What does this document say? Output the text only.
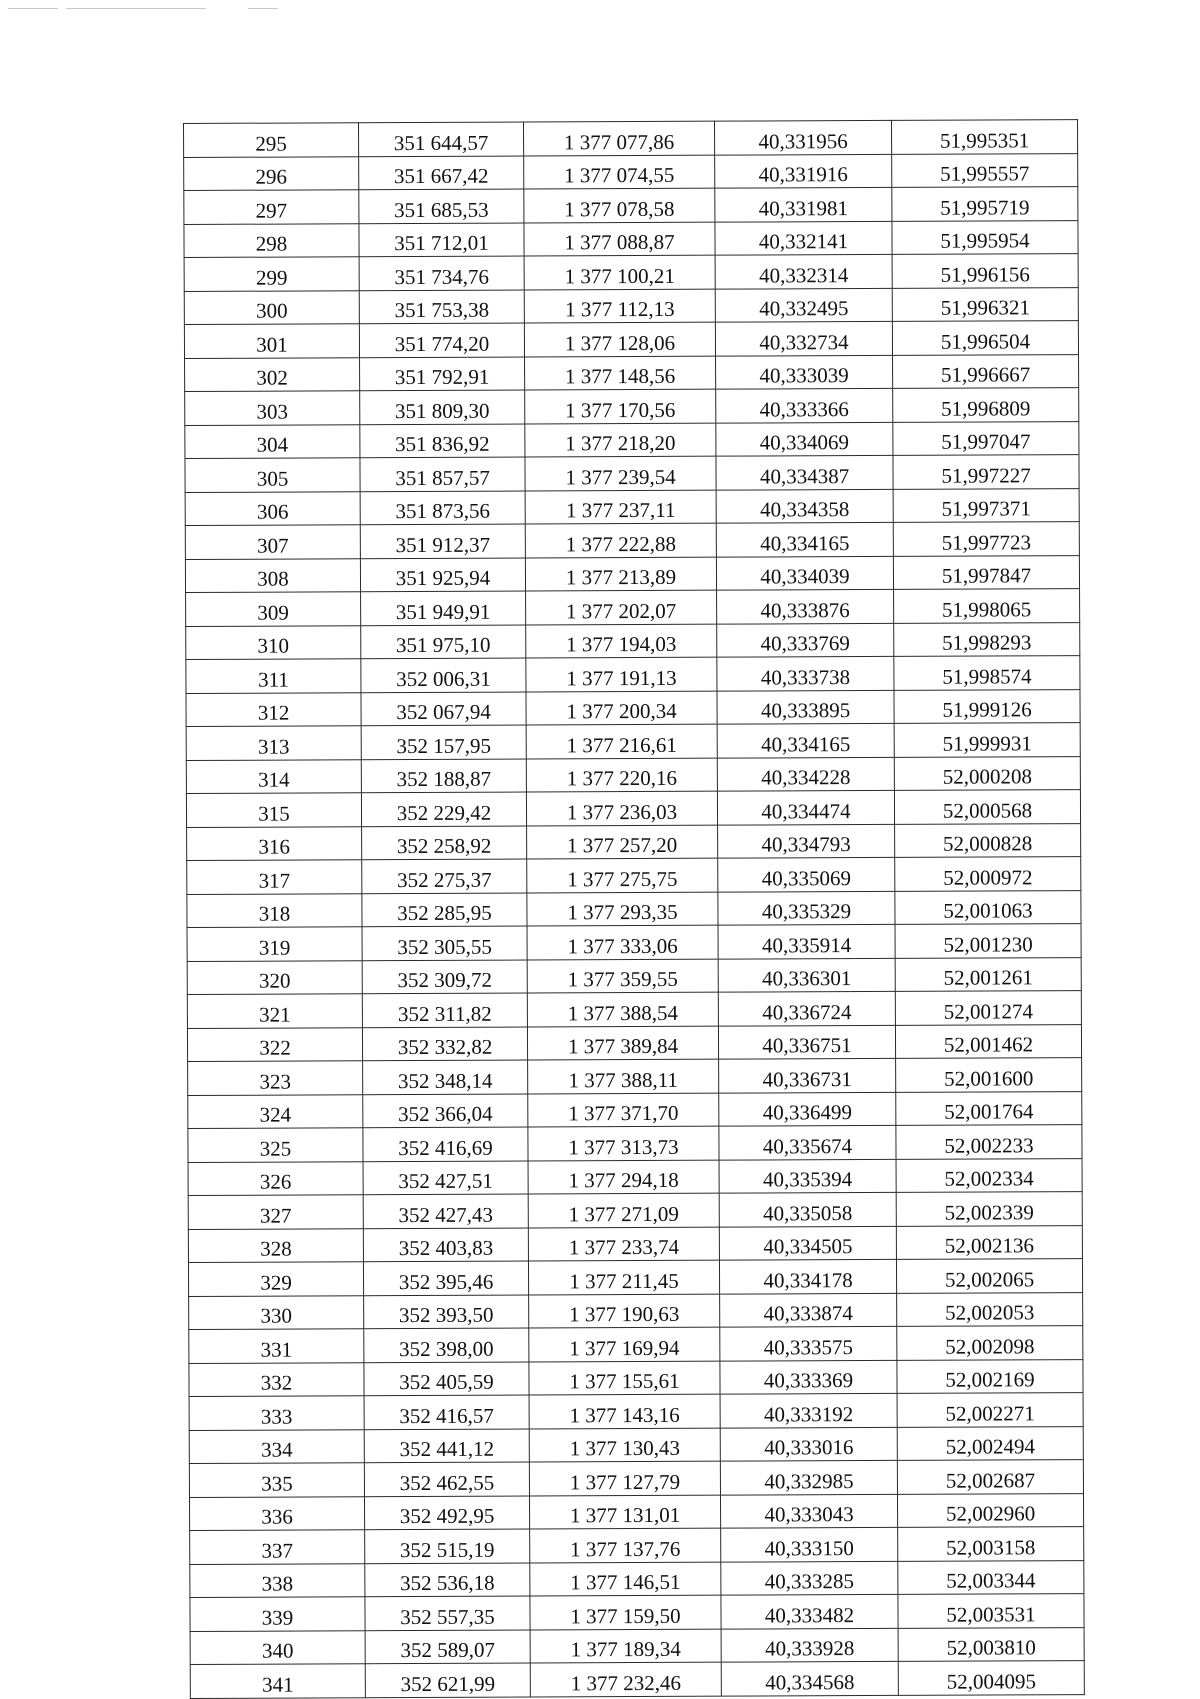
295	351 644,57	1 377 077,86	40,331956	51,995351
296	351 667,42	1 377 074,55	40,331916	51,995557
297	351 685,53	1 377 078,58	40,331981	51,995719
298	351 712,01	1 377 088,87	40,332141	51,995954
299	351 734,76	1 377 100,21	40,332314	51,996156
300	351 753,38	1 377 112,13	40,332495	51,996321
301	351 774,20	1 377 128,06	40,332734	51,996504
302	351 792,91	1 377 148,56	40,333039	51,996667
303	351 809,30	1 377 170,56	40,333366	51,996809
304	351 836,92	1 377 218,20	40,334069	51,997047
305	351 857,57	1 377 239,54	40,334387	51,997227
306	351 873,56	1 377 237,11	40,334358	51,997371
307	351 912,37	1 377 222,88	40,334165	51,997723
308	351 925,94	1 377 213,89	40,334039	51,997847
309	351 949,91	1 377 202,07	40,333876	51,998065
310	351 975,10	1 377 194,03	40,333769	51,998293
311	352 006,31	1 377 191,13	40,333738	51,998574
312	352 067,94	1 377 200,34	40,333895	51,999126
313	352 157,95	1 377 216,61	40,334165	51,999931
314	352 188,87	1 377 220,16	40,334228	52,000208
315	352 229,42	1 377 236,03	40,334474	52,000568
316	352 258,92	1 377 257,20	40,334793	52,000828
317	352 275,37	1 377 275,75	40,335069	52,000972
318	352 285,95	1 377 293,35	40,335329	52,001063
319	352 305,55	1 377 333,06	40,335914	52,001230
320	352 309,72	1 377 359,55	40,336301	52,001261
321	352 311,82	1 377 388,54	40,336724	52,001274
322	352 332,82	1 377 389,84	40,336751	52,001462
323	352 348,14	1 377 388,11	40,336731	52,001600
324	352 366,04	1 377 371,70	40,336499	52,001764
325	352 416,69	1 377 313,73	40,335674	52,002233
326	352 427,51	1 377 294,18	40,335394	52,002334
327	352 427,43	1 377 271,09	40,335058	52,002339
328	352 403,83	1 377 233,74	40,334505	52,002136
329	352 395,46	1 377 211,45	40,334178	52,002065
330	352 393,50	1 377 190,63	40,333874	52,002053
331	352 398,00	1 377 169,94	40,333575	52,002098
332	352 405,59	1 377 155,61	40,333369	52,002169
333	352 416,57	1 377 143,16	40,333192	52,002271
334	352 441,12	1 377 130,43	40,333016	52,002494
335	352 462,55	1 377 127,79	40,332985	52,002687
336	352 492,95	1 377 131,01	40,333043	52,002960
337	352 515,19	1 377 137,76	40,333150	52,003158
338	352 536,18	1 377 146,51	40,333285	52,003344
339	352 557,35	1 377 159,50	40,333482	52,003531
340	352 589,07	1 377 189,34	40,333928	52,003810
341	352 621,99	1 377 232,46	40,334568	52,004095
